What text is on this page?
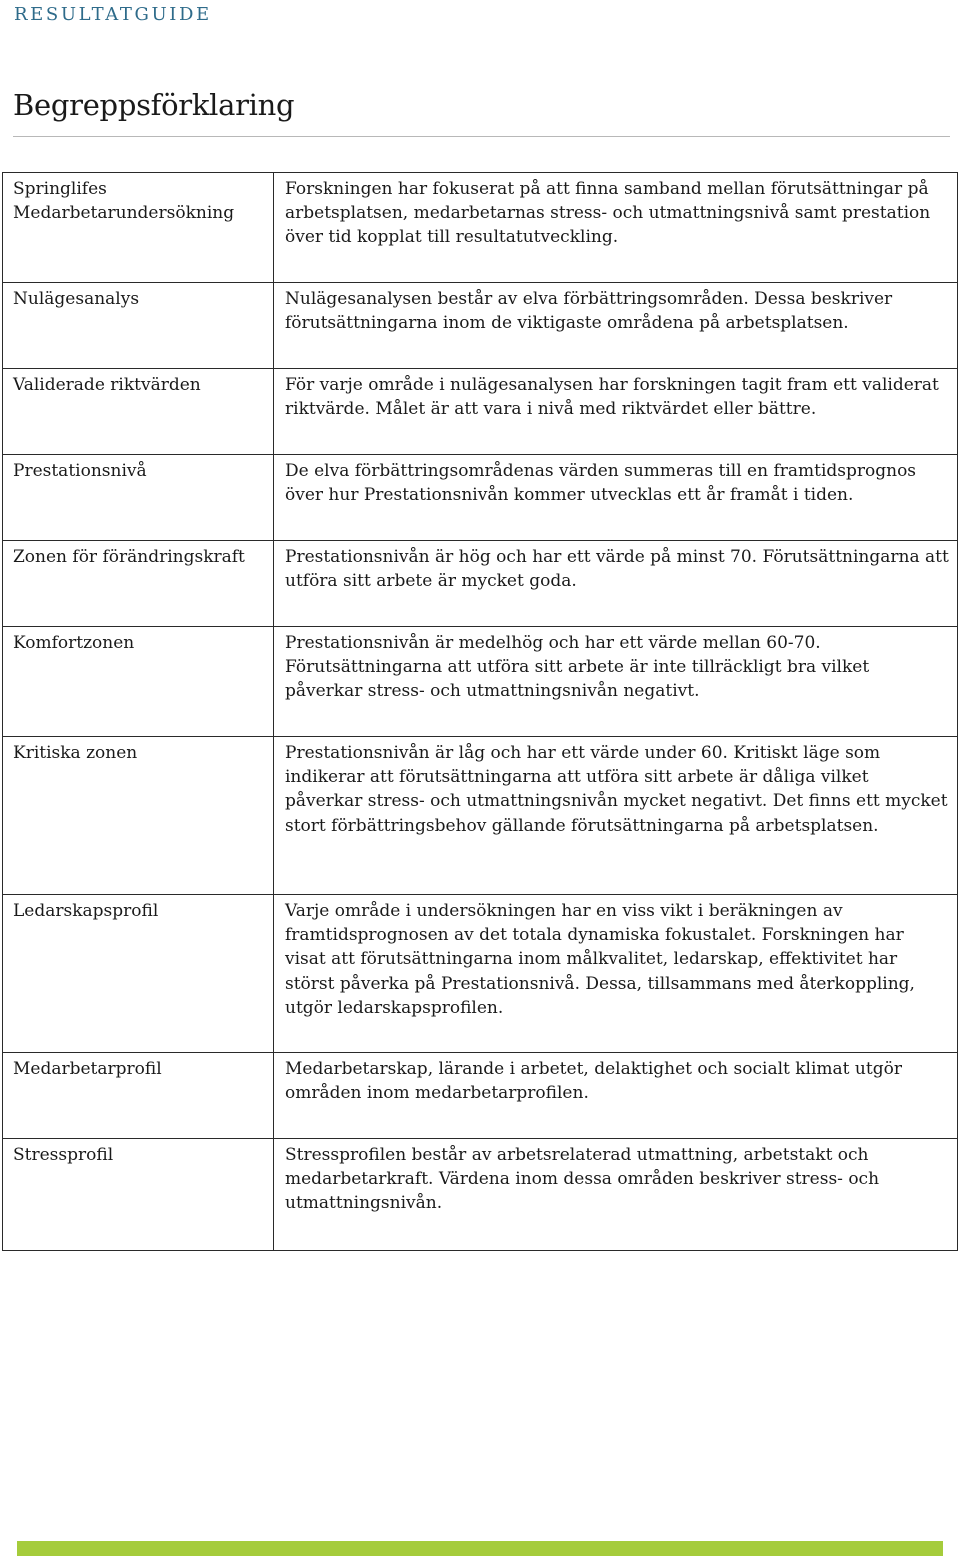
RESULTATGUIDE
Begreppsförklaring
Springlifes Medarbetarundersökning	Forskningen har fokuserat på att finna samband mellan förutsättningar på arbetsplatsen, medarbetarnas stress- och utmattningsnivå samt prestation över tid kopplat till resultatutveckling.
Nulägesanalys	Nulägesanalysen består av elva förbättringsområden. Dessa beskriver förutsättningarna inom de viktigaste områdena på arbetsplatsen.
Validerade riktvärden	För varje område i nulägesanalysen har forskningen tagit fram ett validerat riktvärde. Målet är att vara i nivå med riktvärdet eller bättre.
Prestationsnivå	De elva förbättringsområdenas värden summeras till en framtidsprognos över hur Prestationsnivån kommer utvecklas ett år framåt i tiden.
Zonen för förändringskraft	Prestationsnivån är hög och har ett värde på minst 70. Förutsättningarna att utföra sitt arbete är mycket goda.
Komfortzonen	Prestationsnivån är medelhög och har ett värde mellan 60-70. Förutsättningarna att utföra sitt arbete är inte tillräckligt bra vilket påverkar stress- och utmattningsnivån negativt.
Kritiska zonen	Prestationsnivån är låg och har ett värde under 60. Kritiskt läge som indikerar att förutsättningarna att utföra sitt arbete är dåliga vilket påverkar stress- och utmattningsnivån mycket negativt. Det finns ett mycket stort förbättringsbehov gällande förutsättningarna på arbetsplatsen.
Ledarskapsprofil	Varje område i undersökningen har en viss vikt i beräkningen av framtidsprognosen av det totala dynamiska fokustalet. Forskningen har visat att förutsättningarna inom målkvalitet, ledarskap, effektivitet har störst påverka på Prestationsnivå. Dessa, tillsammans med återkoppling, utgör ledarskapsprofilen.
Medarbetarprofil	Medarbetarskap, lärande i arbetet, delaktighet och socialt klimat utgör områden inom medarbetarprofilen.
Stressprofil	Stressprofilen består av arbetsrelaterad utmattning, arbetstakt och medarbetarkraft. Värdena inom dessa områden beskriver stress- och utmattningsnivån.
